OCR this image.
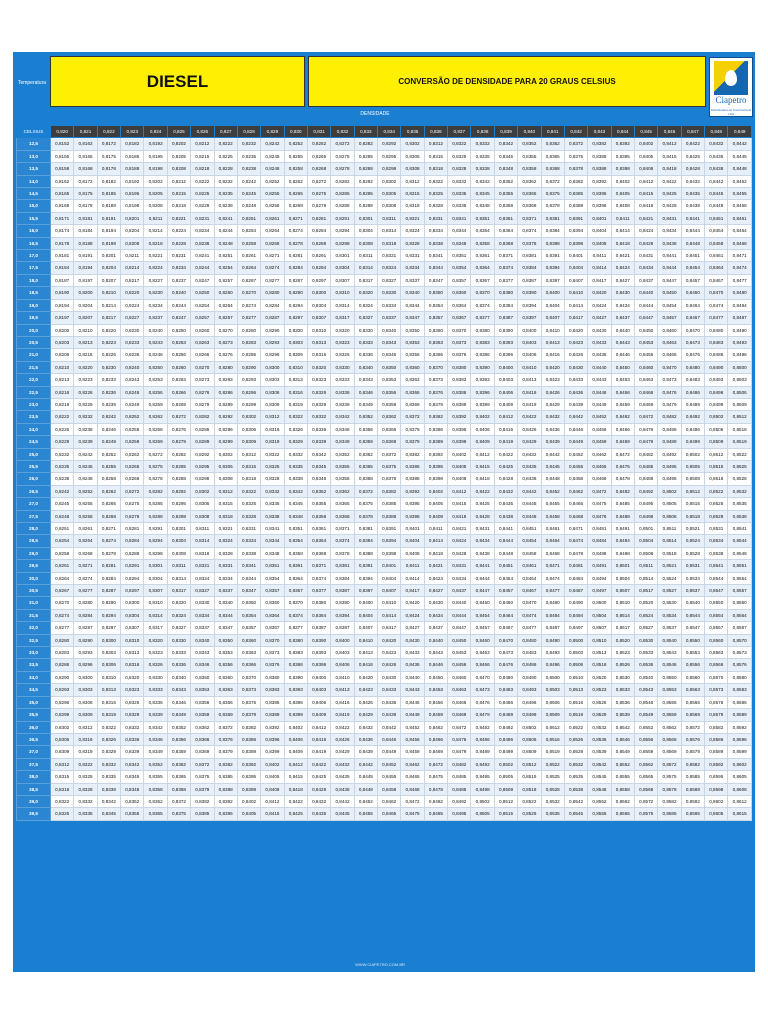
Temperatura	DIESEL	CONVERSÃO DE DENSIDADE PARA 20 GRAUS CELSIUS
Ciapetro
Distribuidora de Combustíveis Ltda
DENSIDADE
CELSIUS	0,820	0,821	0,822	0,823	0,824	0,825	0,826	0,827	0,828	0,829	0,830	0,831	0,832	0,833	0,834	0,835	0,836	0,837	0,838	0,839	0,840	0,841	0,842	0,843	0,844	0,845	0,846	0,847	0,848	0,849
12,5	0,8152	0,8162	0,8172	0,8182	0,8192	0,8202	0,8212	0,8222	0,8232	0,8242	0,8252	0,8262	0,8272	0,8282	0,8292	0,8302	0,8312	0,8322	0,8332	0,8342	0,8352	0,8362	0,8372	0,8382	0,8392	0,8402	0,8412	0,8422	0,8432	0,8442
13,0	0,8155	0,8165	0,8175	0,8185	0,8195	0,8205	0,8215	0,8225	0,8235	0,8245	0,8255	0,8265	0,8275	0,8285	0,8295	0,8305	0,8315	0,8325	0,8335	0,8345	0,8355	0,8365	0,8375	0,8385	0,8395	0,8405	0,8415	0,8425	0,8435	0,8445
13,5	0,8158	0,8168	0,8178	0,8188	0,8198	0,8208	0,8218	0,8228	0,8238	0,8248	0,8258	0,8268	0,8278	0,8288	0,8298	0,8308	0,8318	0,8328	0,8338	0,8348	0,8358	0,8368	0,8378	0,8388	0,8398	0,8408	0,8418	0,8428	0,8438	0,8448
14,0	0,8162	0,8172	0,8182	0,8192	0,8202	0,8212	0,8222	0,8232	0,8242	0,8252	0,8262	0,8272	0,8282	0,8292	0,8302	0,8312	0,8322	0,8332	0,8342	0,8352	0,8362	0,8372	0,8382	0,8392	0,8402	0,8412	0,8422	0,8432	0,8442	0,8452
14,5	0,8165	0,8175	0,8185	0,8195	0,8205	0,8215	0,8225	0,8235	0,8245	0,8255	0,8265	0,8275	0,8285	0,8295	0,8305	0,8315	0,8325	0,8335	0,8345	0,8355	0,8365	0,8375	0,8385	0,8395	0,8405	0,8415	0,8425	0,8435	0,8445	0,8455
15,0	0,8168	0,8178	0,8188	0,8198	0,8208	0,8218	0,8228	0,8238	0,8248	0,8258	0,8268	0,8278	0,8288	0,8298	0,8308	0,8318	0,8328	0,8338	0,8348	0,8358	0,8368	0,8378	0,8388	0,8398	0,8408	0,8418	0,8428	0,8438	0,8448	0,8458
15,5	0,8171	0,8181	0,8191	0,8201	0,8211	0,8221	0,8231	0,8241	0,8251	0,8261	0,8271	0,8281	0,8291	0,8301	0,8311	0,8321	0,8331	0,8341	0,8351	0,8361	0,8371	0,8381	0,8391	0,8401	0,8411	0,8421	0,8431	0,8441	0,8451	0,8461
16,0	0,8174	0,8184	0,8194	0,8204	0,8214	0,8224	0,8234	0,8244	0,8254	0,8264	0,8274	0,8284	0,8294	0,8304	0,8314	0,8324	0,8334	0,8344	0,8354	0,8364	0,8374	0,8384	0,8394	0,8404	0,8414	0,8424	0,8434	0,8444	0,8454	0,8464
16,5	0,8178	0,8188	0,8198	0,8208	0,8218	0,8228	0,8238	0,8248	0,8258	0,8268	0,8278	0,8288	0,8298	0,8308	0,8318	0,8328	0,8338	0,8348	0,8358	0,8368	0,8378	0,8388	0,8398	0,8408	0,8418	0,8428	0,8438	0,8448	0,8458	0,8468
17,0	0,8181	0,8191	0,8201	0,8211	0,8221	0,8231	0,8241	0,8251	0,8261	0,8271	0,8281	0,8291	0,8301	0,8311	0,8321	0,8331	0,8341	0,8351	0,8361	0,8371	0,8381	0,8391	0,8401	0,8411	0,8421	0,8431	0,8441	0,8451	0,8461	0,8471
17,5	0,8184	0,8194	0,8204	0,8214	0,8224	0,8234	0,8244	0,8254	0,8264	0,8274	0,8284	0,8294	0,8304	0,8314	0,8324	0,8334	0,8344	0,8354	0,8364	0,8374	0,8384	0,8394	0,8404	0,8414	0,8424	0,8434	0,8444	0,8454	0,8464	0,8474
18,0	0,8187	0,8197	0,8207	0,8217	0,8227	0,8237	0,8247	0,8257	0,8267	0,8277	0,8287	0,8297	0,8307	0,8317	0,8327	0,8337	0,8347	0,8357	0,8367	0,8377	0,8387	0,8397	0,8407	0,8417	0,8427	0,8437	0,8447	0,8457	0,8467	0,8477
18,5	0,8190	0,8200	0,8210	0,8220	0,8230	0,8240	0,8250	0,8260	0,8270	0,8280	0,8290	0,8300	0,8310	0,8320	0,8330	0,8340	0,8350	0,8360	0,8370	0,8380	0,8390	0,8400	0,8410	0,8420	0,8430	0,8440	0,8450	0,8460	0,8470	0,8480
19,0	0,8194	0,8204	0,8214	0,8224	0,8234	0,8244	0,8254	0,8264	0,8274	0,8284	0,8294	0,8304	0,8314	0,8324	0,8334	0,8344	0,8354	0,8364	0,8374	0,8384	0,8394	0,8404	0,8414	0,8424	0,8434	0,8444	0,8454	0,8464	0,8474	0,8484
19,5	0,8197	0,8207	0,8217	0,8227	0,8237	0,8247	0,8257	0,8267	0,8277	0,8287	0,8297	0,8307	0,8317	0,8327	0,8337	0,8347	0,8357	0,8367	0,8377	0,8387	0,8397	0,8407	0,8417	0,8427	0,8437	0,8447	0,8457	0,8467	0,8477	0,8487
20,0	0,8200	0,8210	0,8220	0,8230	0,8240	0,8250	0,8260	0,8270	0,8280	0,8290	0,8300	0,8310	0,8320	0,8330	0,8340	0,8350	0,8360	0,8370	0,8380	0,8390	0,8400	0,8410	0,8420	0,8430	0,8440	0,8450	0,8460	0,8470	0,8480	0,8490
20,5	0,8203	0,8213	0,8223	0,8233	0,8243	0,8253	0,8263	0,8273	0,8283	0,8293	0,8303	0,8313	0,8323	0,8333	0,8343	0,8353	0,8363	0,8373	0,8383	0,8393	0,8403	0,8413	0,8423	0,8433	0,8443	0,8453	0,8463	0,8473	0,8483	0,8493
21,0	0,8206	0,8216	0,8226	0,8236	0,8246	0,8256	0,8266	0,8276	0,8286	0,8296	0,8306	0,8316	0,8326	0,8336	0,8346	0,8356	0,8366	0,8376	0,8386	0,8396	0,8406	0,8416	0,8426	0,8436	0,8446	0,8456	0,8466	0,8476	0,8486	0,8496
21,5	0,8210	0,8220	0,8230	0,8240	0,8250	0,8260	0,8270	0,8280	0,8290	0,8300	0,8310	0,8320	0,8330	0,8340	0,8350	0,8360	0,8370	0,8380	0,8390	0,8400	0,8410	0,8420	0,8430	0,8440	0,8450	0,8460	0,8470	0,8480	0,8490	0,8500
22,0	0,8213	0,8223	0,8233	0,8243	0,8253	0,8263	0,8273	0,8283	0,8293	0,8303	0,8313	0,8323	0,8333	0,8343	0,8353	0,8363	0,8373	0,8383	0,8393	0,8403	0,8413	0,8423	0,8433	0,8443	0,8453	0,8463	0,8473	0,8483	0,8493	0,8503
22,5	0,8216	0,8226	0,8236	0,8246	0,8256	0,8266	0,8276	0,8286	0,8296	0,8306	0,8316	0,8326	0,8336	0,8346	0,8356	0,8366	0,8376	0,8386	0,8396	0,8406	0,8416	0,8426	0,8436	0,8446	0,8456	0,8466	0,8476	0,8486	0,8496	0,8506
23,0	0,8219	0,8229	0,8239	0,8249	0,8259	0,8269	0,8279	0,8289	0,8299	0,8309	0,8319	0,8329	0,8339	0,8349	0,8359	0,8369	0,8379	0,8389	0,8399	0,8409	0,8419	0,8429	0,8439	0,8449	0,8459	0,8469	0,8479	0,8489	0,8499	0,8509
23,5	0,8222	0,8232	0,8242	0,8252	0,8262	0,8272	0,8282	0,8292	0,8302	0,8312	0,8322	0,8332	0,8342	0,8352	0,8362	0,8372	0,8382	0,8392	0,8402	0,8412	0,8422	0,8432	0,8442	0,8452	0,8462	0,8472	0,8482	0,8492	0,8502	0,8512
24,0	0,8226	0,8236	0,8246	0,8256	0,8266	0,8276	0,8286	0,8296	0,8306	0,8316	0,8326	0,8336	0,8346	0,8356	0,8366	0,8376	0,8386	0,8396	0,8406	0,8416	0,8426	0,8436	0,8446	0,8456	0,8466	0,8476	0,8486	0,8496	0,8506	0,8516
24,5	0,8229	0,8239	0,8249	0,8259	0,8269	0,8279	0,8289	0,8299	0,8309	0,8319	0,8329	0,8339	0,8349	0,8359	0,8369	0,8379	0,8389	0,8399	0,8409	0,8419	0,8429	0,8439	0,8449	0,8459	0,8469	0,8479	0,8489	0,8499	0,8509	0,8519
25,0	0,8232	0,8242	0,8252	0,8262	0,8272	0,8282	0,8292	0,8302	0,8312	0,8322	0,8332	0,8342	0,8352	0,8362	0,8372	0,8382	0,8392	0,8402	0,8412	0,8422	0,8432	0,8442	0,8452	0,8462	0,8472	0,8482	0,8492	0,8502	0,8512	0,8522
25,5	0,8235	0,8245	0,8255	0,8265	0,8275	0,8285	0,8295	0,8305	0,8315	0,8325	0,8335	0,8345	0,8355	0,8365	0,8375	0,8385	0,8395	0,8405	0,8415	0,8425	0,8435	0,8445	0,8455	0,8465	0,8475	0,8485	0,8495	0,8505	0,8515	0,8525
26,0	0,8238	0,8248	0,8258	0,8268	0,8278	0,8288	0,8298	0,8308	0,8318	0,8328	0,8338	0,8348	0,8358	0,8368	0,8378	0,8388	0,8398	0,8408	0,8418	0,8428	0,8438	0,8448	0,8458	0,8468	0,8478	0,8488	0,8498	0,8508	0,8518	0,8528
26,5	0,8242	0,8252	0,8262	0,8272	0,8282	0,8292	0,8302	0,8312	0,8322	0,8332	0,8342	0,8352	0,8362	0,8372	0,8382	0,8392	0,8402	0,8412	0,8422	0,8432	0,8442	0,8452	0,8462	0,8472	0,8482	0,8492	0,8502	0,8512	0,8522	0,8532
27,0	0,8245	0,8255	0,8265	0,8275	0,8285	0,8295	0,8305	0,8315	0,8325	0,8335	0,8345	0,8355	0,8365	0,8375	0,8385	0,8395	0,8405	0,8415	0,8425	0,8435	0,8445	0,8455	0,8465	0,8475	0,8485	0,8495	0,8505	0,8515	0,8525	0,8535
27,5	0,8248	0,8258	0,8268	0,8278	0,8288	0,8298	0,8308	0,8318	0,8328	0,8338	0,8348	0,8358	0,8368	0,8378	0,8388	0,8398	0,8408	0,8418	0,8428	0,8438	0,8448	0,8458	0,8468	0,8478	0,8488	0,8498	0,8508	0,8518	0,8528	0,8538
28,0	0,8251	0,8261	0,8271	0,8281	0,8291	0,8301	0,8311	0,8321	0,8331	0,8341	0,8351	0,8361	0,8371	0,8381	0,8391	0,8401	0,8411	0,8421	0,8431	0,8441	0,8451	0,8461	0,8471	0,8481	0,8491	0,8501	0,8511	0,8521	0,8531	0,8541
28,5	0,8254	0,8264	0,8274	0,8284	0,8294	0,8304	0,8314	0,8324	0,8334	0,8344	0,8354	0,8364	0,8374	0,8384	0,8394	0,8404	0,8414	0,8424	0,8434	0,8444	0,8454	0,8464	0,8474	0,8484	0,8494	0,8504	0,8514	0,8524	0,8534	0,8544
29,0	0,8258	0,8268	0,8278	0,8288	0,8298	0,8308	0,8318	0,8328	0,8338	0,8348	0,8358	0,8368	0,8378	0,8388	0,8398	0,8408	0,8418	0,8428	0,8438	0,8448	0,8458	0,8468	0,8478	0,8488	0,8498	0,8508	0,8518	0,8528	0,8538	0,8548
29,5	0,8261	0,8271	0,8281	0,8291	0,8301	0,8311	0,8321	0,8331	0,8341	0,8351	0,8361	0,8371	0,8381	0,8391	0,8401	0,8411	0,8421	0,8431	0,8441	0,8451	0,8461	0,8471	0,8481	0,8491	0,8501	0,8511	0,8521	0,8531	0,8541	0,8551
30,0	0,8264	0,8274	0,8284	0,8294	0,8304	0,8314	0,8324	0,8334	0,8344	0,8354	0,8364	0,8374	0,8384	0,8394	0,8404	0,8414	0,8424	0,8434	0,8444	0,8454	0,8464	0,8474	0,8484	0,8494	0,8504	0,8514	0,8524	0,8534	0,8544	0,8554
30,5	0,8267	0,8277	0,8287	0,8297	0,8307	0,8317	0,8327	0,8337	0,8347	0,8357	0,8367	0,8377	0,8387	0,8397	0,8407	0,8417	0,8427	0,8437	0,8447	0,8457	0,8467	0,8477	0,8487	0,8497	0,8507	0,8517	0,8527	0,8537	0,8547	0,8557
31,0	0,8270	0,8280	0,8290	0,8300	0,8310	0,8320	0,8330	0,8340	0,8350	0,8360	0,8370	0,8380	0,8390	0,8400	0,8410	0,8420	0,8430	0,8440	0,8450	0,8460	0,8470	0,8480	0,8490	0,8500	0,8510	0,8520	0,8530	0,8540	0,8550	0,8560
31,5	0,8274	0,8284	0,8294	0,8304	0,8314	0,8324	0,8334	0,8344	0,8354	0,8364	0,8374	0,8384	0,8394	0,8404	0,8414	0,8424	0,8434	0,8444	0,8454	0,8464	0,8474	0,8484	0,8494	0,8504	0,8514	0,8524	0,8534	0,8544	0,8554	0,8564
32,0	0,8277	0,8287	0,8297	0,8307	0,8317	0,8327	0,8337	0,8347	0,8357	0,8367	0,8377	0,8387	0,8397	0,8407	0,8417	0,8427	0,8437	0,8447	0,8457	0,8467	0,8477	0,8487	0,8497	0,8507	0,8517	0,8527	0,8537	0,8547	0,8557	0,8567
32,5	0,8280	0,8290	0,8300	0,8310	0,8320	0,8330	0,8340	0,8350	0,8360	0,8370	0,8380	0,8390	0,8400	0,8410	0,8420	0,8430	0,8440	0,8450	0,8460	0,8470	0,8480	0,8490	0,8500	0,8510	0,8520	0,8530	0,8540	0,8550	0,8560	0,8570
33,0	0,8283	0,8293	0,8303	0,8313	0,8323	0,8333	0,8343	0,8353	0,8363	0,8373	0,8383	0,8393	0,8403	0,8413	0,8423	0,8433	0,8443	0,8453	0,8463	0,8473	0,8483	0,8493	0,8503	0,8513	0,8523	0,8533	0,8543	0,8553	0,8563	0,8573
33,5	0,8286	0,8296	0,8306	0,8316	0,8326	0,8336	0,8346	0,8356	0,8366	0,8376	0,8386	0,8396	0,8406	0,8416	0,8426	0,8436	0,8446	0,8456	0,8466	0,8476	0,8486	0,8496	0,8506	0,8516	0,8526	0,8536	0,8546	0,8556	0,8566	0,8576
34,0	0,8290	0,8300	0,8310	0,8320	0,8330	0,8340	0,8350	0,8360	0,8370	0,8380	0,8390	0,8400	0,8410	0,8420	0,8430	0,8440	0,8450	0,8460	0,8470	0,8480	0,8490	0,8500	0,8510	0,8520	0,8530	0,8540	0,8550	0,8560	0,8570	0,8580
34,5	0,8293	0,8303	0,8313	0,8323	0,8333	0,8343	0,8353	0,8363	0,8373	0,8383	0,8393	0,8403	0,8413	0,8423	0,8433	0,8443	0,8453	0,8463	0,8473	0,8483	0,8493	0,8503	0,8513	0,8523	0,8533	0,8543	0,8553	0,8563	0,8573	0,8583
35,0	0,8296	0,8306	0,8316	0,8326	0,8336	0,8346	0,8356	0,8366	0,8376	0,8386	0,8396	0,8406	0,8416	0,8426	0,8436	0,8446	0,8456	0,8466	0,8476	0,8486	0,8496	0,8506	0,8516	0,8526	0,8536	0,8546	0,8556	0,8566	0,8576	0,8586
35,5	0,8299	0,8309	0,8319	0,8329	0,8339	0,8349	0,8359	0,8369	0,8379	0,8389	0,8399	0,8409	0,8419	0,8429	0,8439	0,8449	0,8459	0,8469	0,8479	0,8489	0,8499	0,8509	0,8519	0,8529	0,8539	0,8549	0,8559	0,8569	0,8579	0,8589
36,0	0,8302	0,8312	0,8322	0,8332	0,8342	0,8352	0,8362	0,8372	0,8382	0,8392	0,8402	0,8412	0,8422	0,8432	0,8442	0,8452	0,8462	0,8472	0,8482	0,8492	0,8502	0,8512	0,8522	0,8532	0,8542	0,8552	0,8562	0,8572	0,8582	0,8592
36,5	0,8306	0,8316	0,8326	0,8336	0,8346	0,8356	0,8366	0,8376	0,8386	0,8396	0,8406	0,8416	0,8426	0,8436	0,8446	0,8456	0,8466	0,8476	0,8486	0,8496	0,8506	0,8516	0,8526	0,8536	0,8546	0,8556	0,8566	0,8576	0,8586	0,8596
37,0	0,8309	0,8319	0,8329	0,8339	0,8349	0,8359	0,8369	0,8379	0,8389	0,8399	0,8409	0,8419	0,8429	0,8439	0,8449	0,8459	0,8469	0,8479	0,8489	0,8499	0,8509	0,8519	0,8529	0,8539	0,8549	0,8559	0,8569	0,8579	0,8589	0,8599
37,5	0,8312	0,8322	0,8332	0,8342	0,8352	0,8362	0,8372	0,8382	0,8392	0,8402	0,8412	0,8422	0,8432	0,8442	0,8452	0,8462	0,8472	0,8482	0,8492	0,8502	0,8512	0,8522	0,8532	0,8542	0,8552	0,8562	0,8572	0,8582	0,8592	0,8602
38,0	0,8315	0,8325	0,8335	0,8345	0,8355	0,8365	0,8375	0,8385	0,8395	0,8405	0,8415	0,8425	0,8435	0,8445	0,8455	0,8465	0,8475	0,8485	0,8495	0,8505	0,8515	0,8525	0,8535	0,8545	0,8555	0,8565	0,8575	0,8585	0,8595	0,8605
38,5	0,8318	0,8328	0,8338	0,8348	0,8358	0,8368	0,8378	0,8388	0,8398	0,8408	0,8418	0,8428	0,8438	0,8448	0,8458	0,8468	0,8478	0,8488	0,8498	0,8508	0,8518	0,8528	0,8538	0,8548	0,8558	0,8568	0,8578	0,8588	0,8598	0,8608
39,0	0,8322	0,8332	0,8342	0,8352	0,8362	0,8372	0,8382	0,8392	0,8402	0,8412	0,8422	0,8432	0,8442	0,8452	0,8462	0,8472	0,8482	0,8492	0,8502	0,8512	0,8522	0,8532	0,8542	0,8552	0,8562	0,8572	0,8582	0,8592	0,8602	0,8612
39,5	0,8325	0,8335	0,8345	0,8355	0,8365	0,8375	0,8385	0,8395	0,8405	0,8415	0,8425	0,8435	0,8445	0,8455	0,8465	0,8475	0,8485	0,8495	0,8505	0,8515	0,8525	0,8535	0,8545	0,8555	0,8565	0,8575	0,8585	0,8595	0,8605	0,8615
WWW.CIAPETRO.COM.BR
